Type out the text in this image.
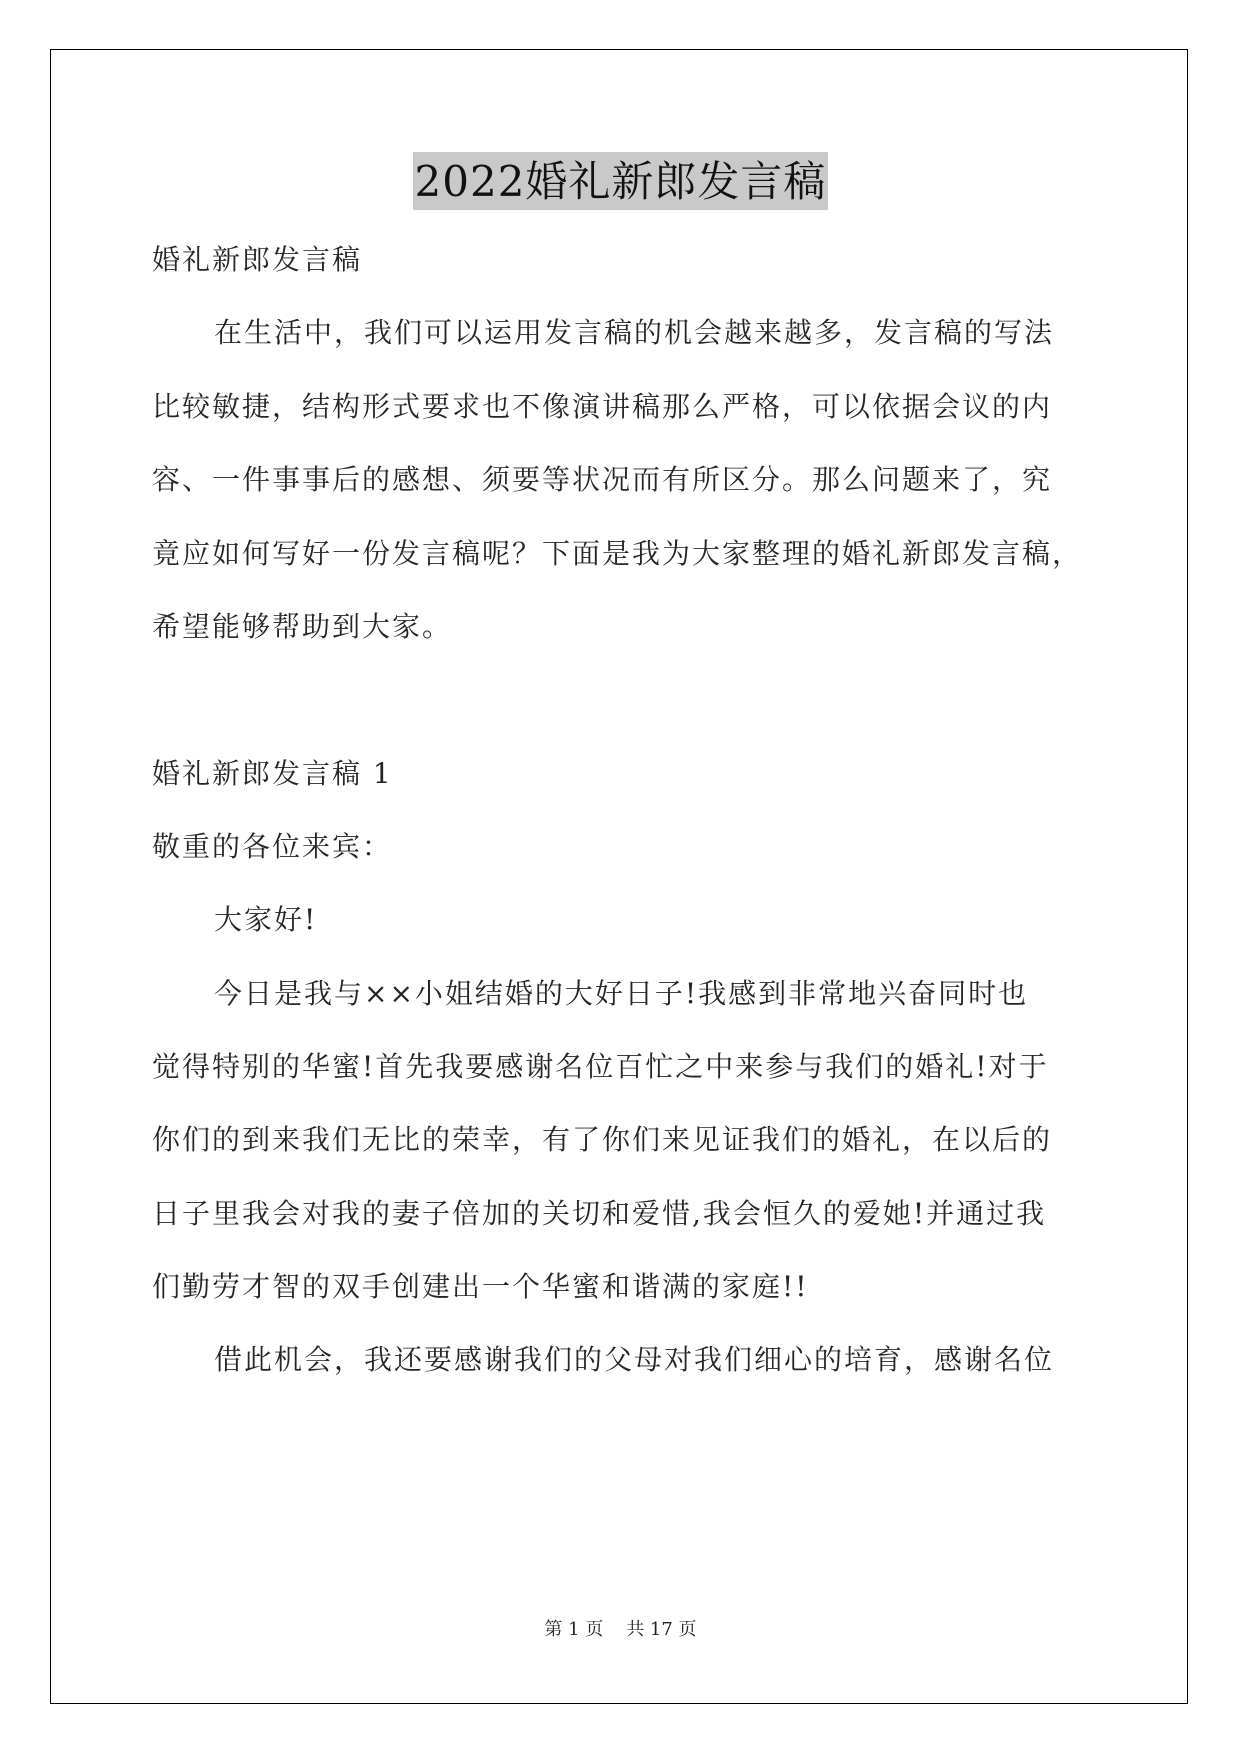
2022婚礼新郎发言稿
婚礼新郎发言稿
在生活中，我们可以运用发言稿的机会越来越多，发言稿的写法
比较敏捷，结构形式要求也不像演讲稿那么严格，可以依据会议的内
容、一件事事后的感想、须要等状况而有所区分。那么问题来了，究
竟应如何写好一份发言稿呢？下面是我为大家整理的婚礼新郎发言稿，
希望能够帮助到大家。
婚礼新郎发言稿 1
敬重的各位来宾：
大家好!
今日是我与××小姐结婚的大好日子!我感到非常地兴奋同时也
觉得特别的华蜜!首先我要感谢名位百忙之中来参与我们的婚礼!对于
你们的到来我们无比的荣幸，有了你们来见证我们的婚礼，在以后的
日子里我会对我的妻子倍加的关切和爱惜,我会恒久的爱她!并通过我
们勤劳才智的双手创建出一个华蜜和谐满的家庭!!
借此机会，我还要感谢我们的父母对我们细心的培育，感谢名位
第 1 页    共 17 页
